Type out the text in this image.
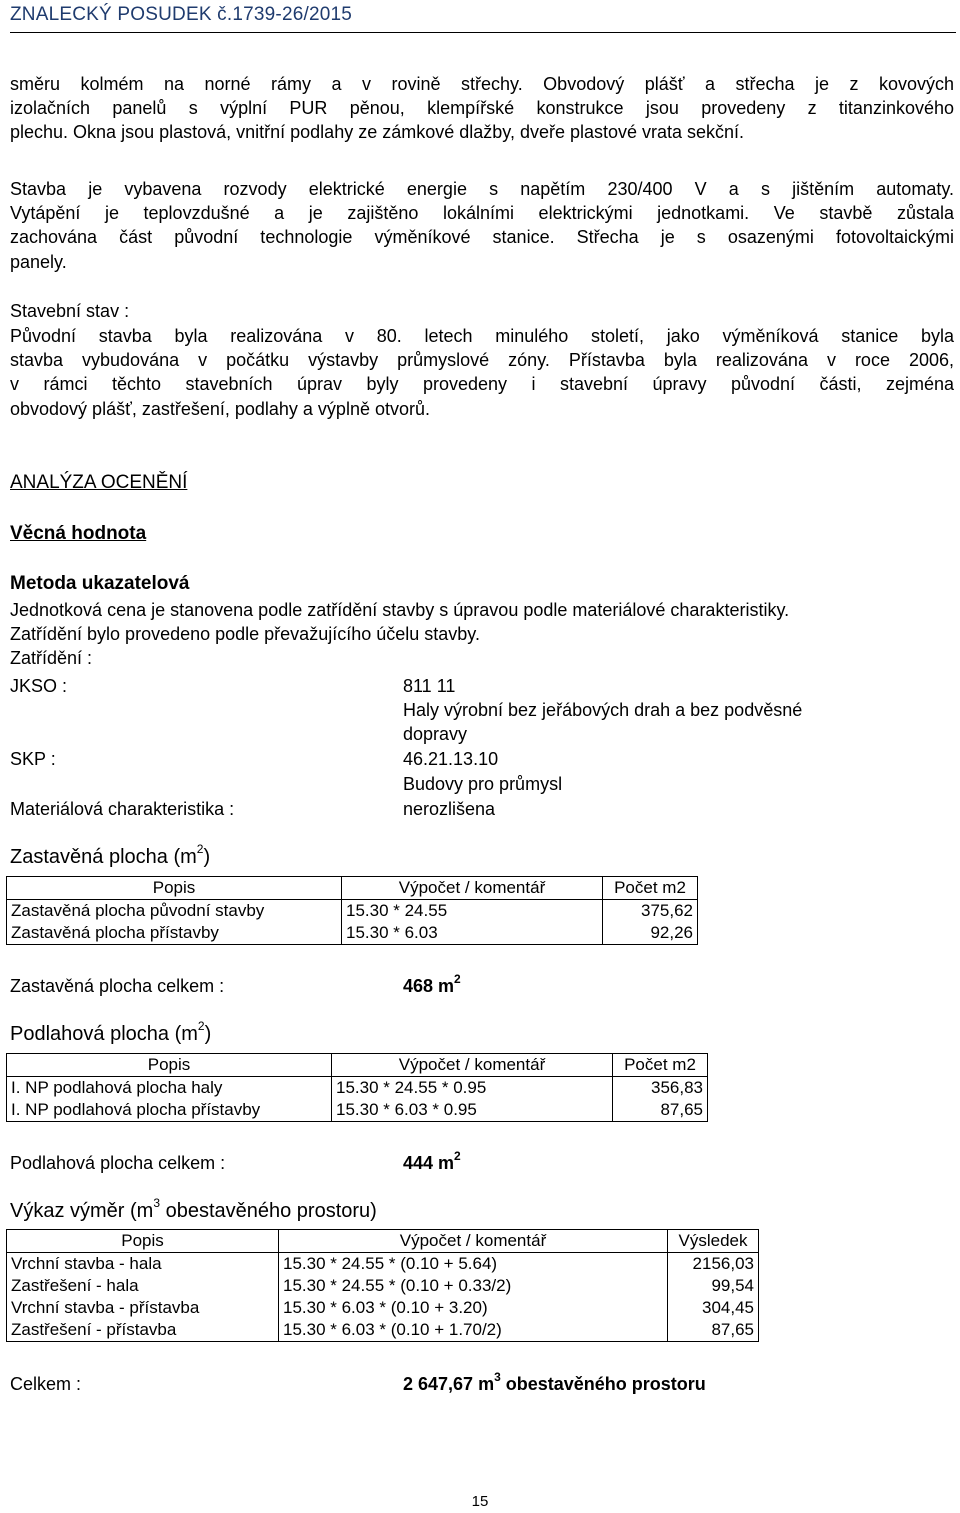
ZNALECKÝ POSUDEK č.1739-26/2015
směru kolmém na norné rámy a v rovině střechy. Obvodový plášť a střecha je z kovových
izolačních panelů s výplní PUR pěnou, klempířské konstrukce jsou provedeny z titanzinkového
plechu. Okna jsou plastová, vnitřní podlahy ze zámkové dlažby, dveře plastové vrata sekční.
Stavba je vybavena rozvody elektrické energie s napětím 230/400 V a s jištěním automaty.
Vytápění je teplovzdušné a je zajištěno lokálními elektrickými jednotkami. Ve stavbě zůstala
zachována část původní technologie výměníkové stanice. Střecha je s osazenými fotovoltaickými
panely.
Stavební stav :
Původní stavba byla realizována v 80. letech minulého století, jako výměníková stanice byla
stavba vybudována v počátku výstavby průmyslové zóny. Přístavba byla realizována v roce 2006,
v rámci těchto stavebních úprav byly provedeny i stavební úpravy původní části, zejména
obvodový plášť, zastřešení, podlahy a výplně otvorů.
ANALÝZA OCENĚNÍ
Věcná hodnota
Metoda ukazatelová
Jednotková cena je stanovena podle zatřídění stavby s úpravou podle materiálové charakteristiky.
Zatřídění bylo provedeno podle převažujícího účelu stavby.
Zatřídění :
JKSO :	811 11
Haly výrobní bez jeřábových drah a bez podvěsné
dopravy
SKP :	46.21.13.10
Budovy pro průmysl
Materiálová charakteristika :	nerozlišena
Zastavěná plocha $(m^2)$
Popis	Výpočet / komentář	Počet m2
Zastavěná plocha původní stavby	15.30 * 24.55	375,62
Zastavěná plocha přístavby	15.30 * 6.03	92,26
Zastavěná plocha celkem :	468 $m^2$
Podlahová plocha $(m^2)$
Popis	Výpočet / komentář	Počet m2
I. NP podlahová plocha haly	15.30 * 24.55 * 0.95	356,83
I. NP podlahová plocha přístavby	15.30 * 6.03 * 0.95	87,65
Podlahová plocha celkem :	444 $m^2$
Výkaz výměr ($m^3$ obestavěného prostoru)
Popis	Výpočet / komentář	Výsledek
Vrchní stavba - hala	15.30 * 24.55 * (0.10 + 5.64)	2156,03
Zastřešení - hala	15.30 * 24.55 * (0.10 + 0.33/2)	99,54
Vrchní stavba - přístavba	15.30 * 6.03 * (0.10 + 3.20)	304,45
Zastřešení - přístavba	15.30 * 6.03 * (0.10 + 1.70/2)	87,65
Celkem :	2 647,67 $m^3$ obestavěného prostoru
15
